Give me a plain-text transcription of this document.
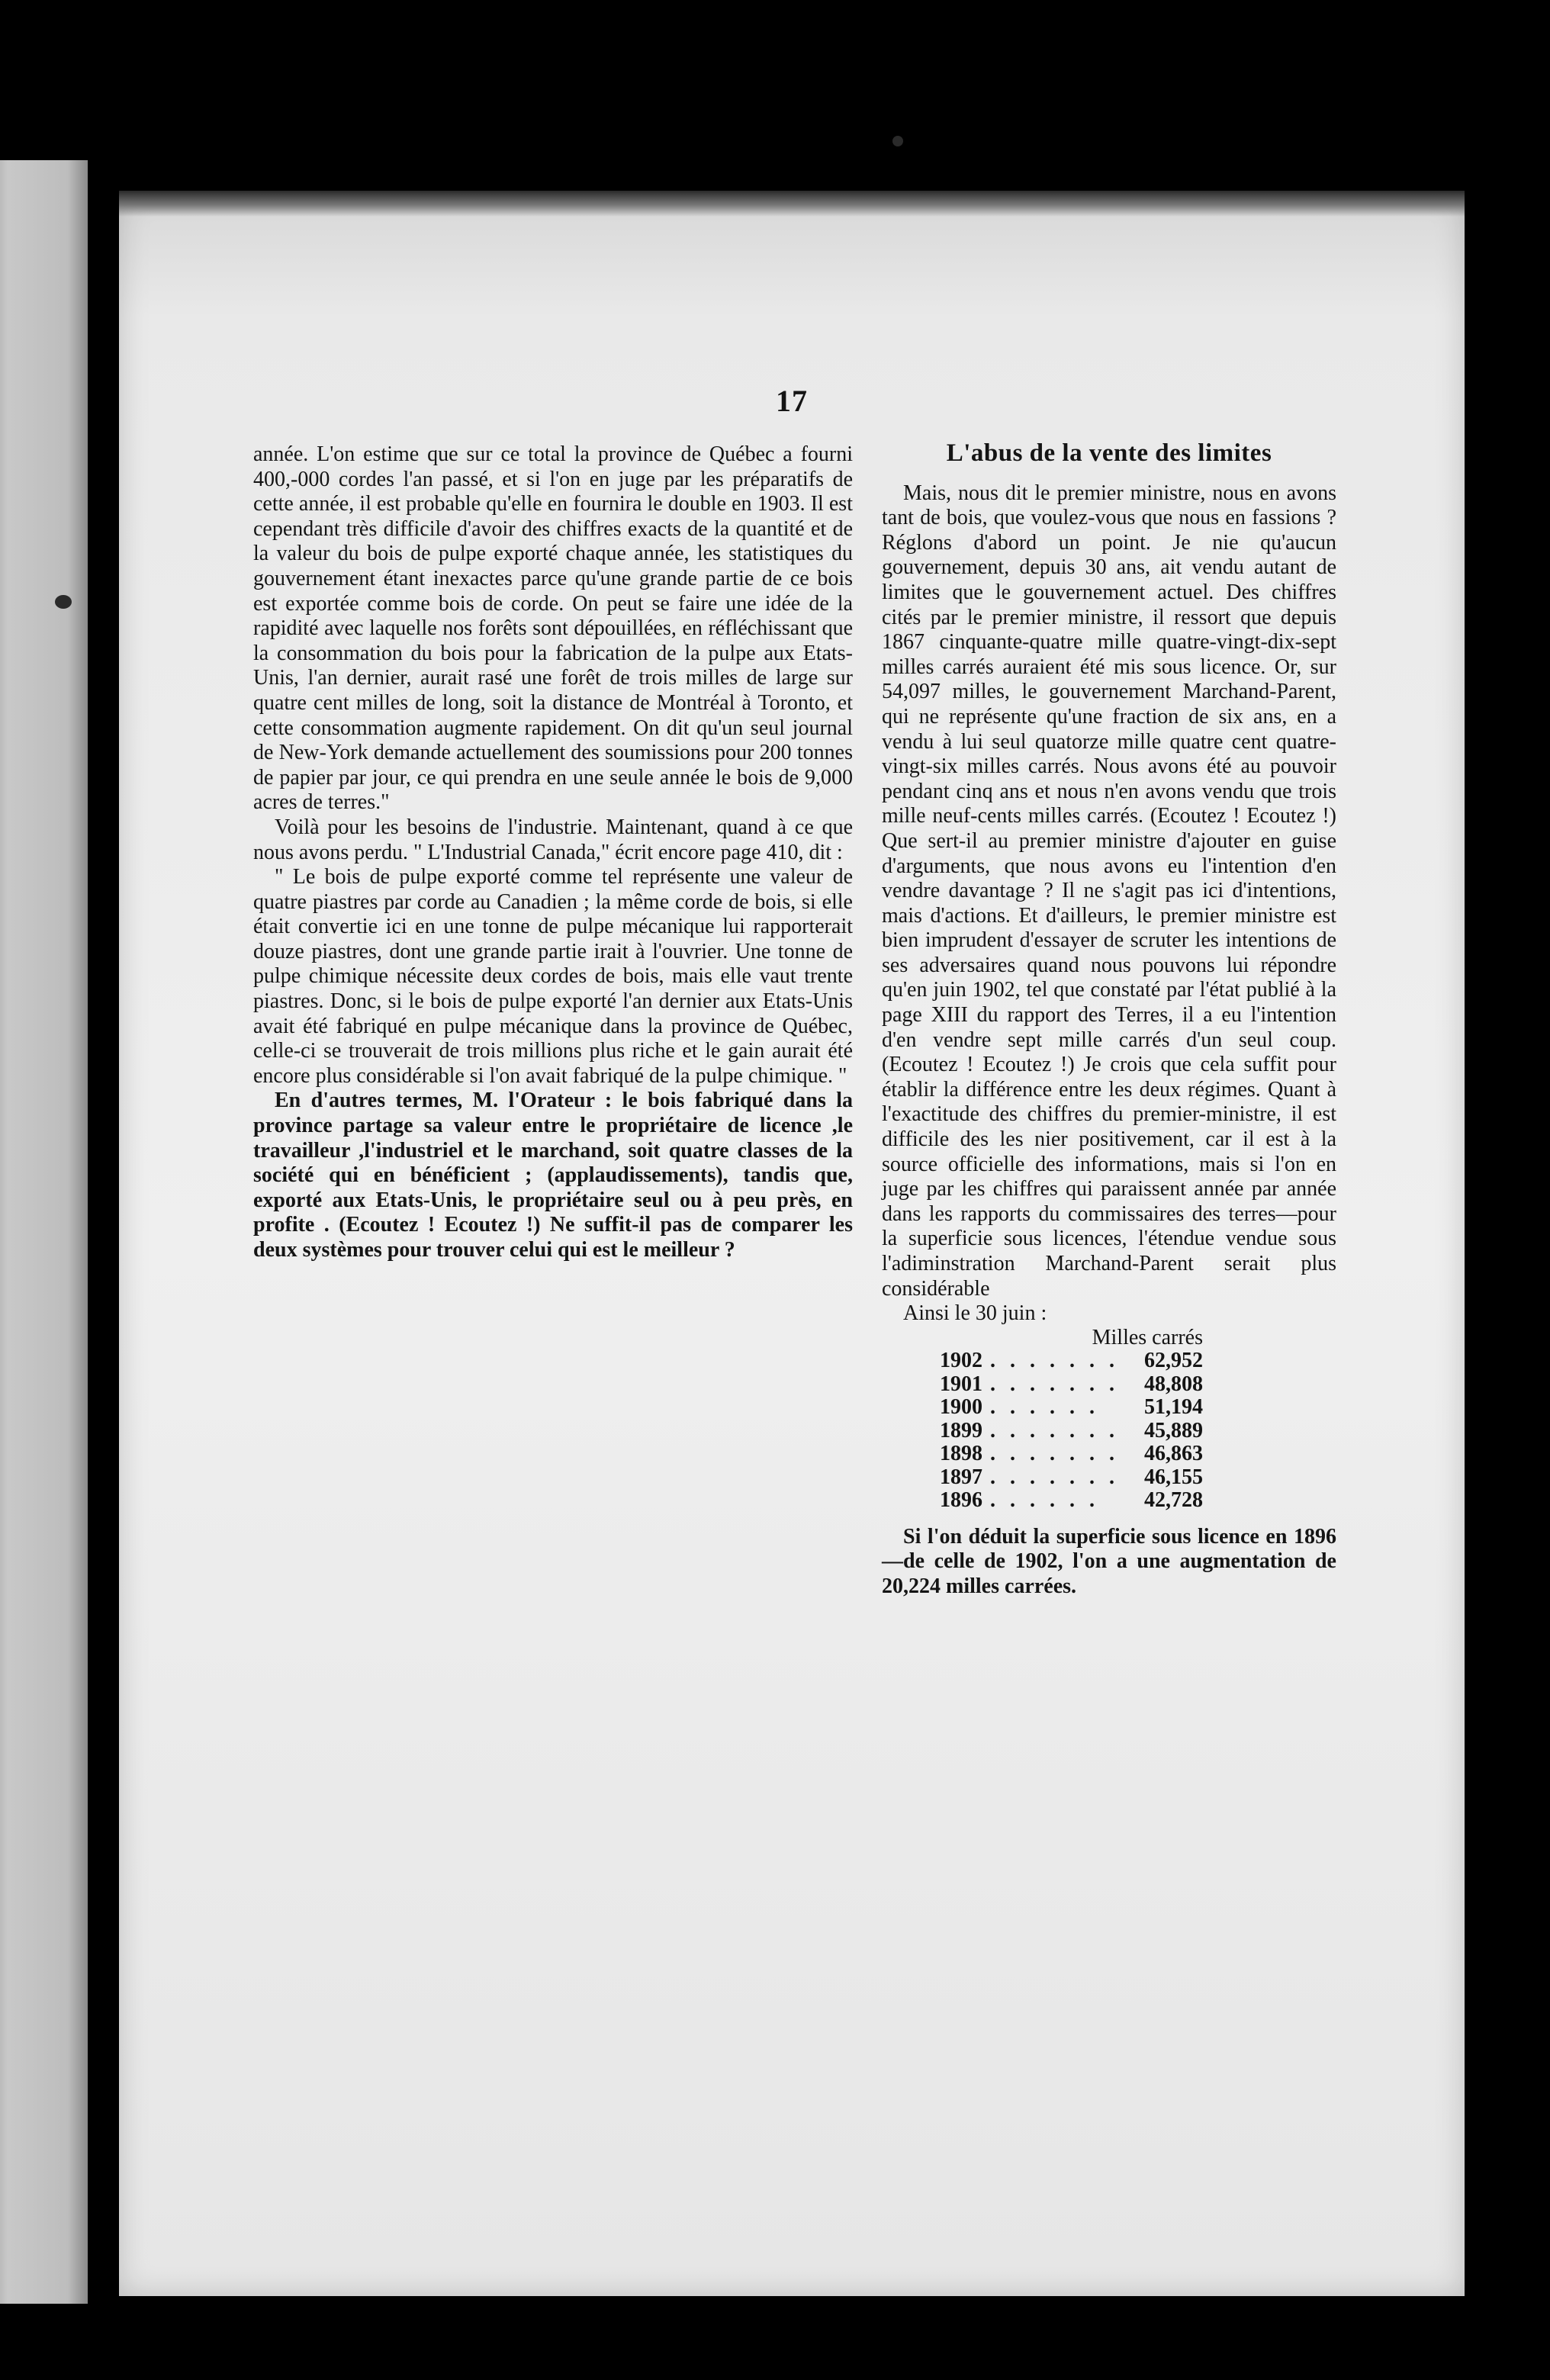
17

année. L'on estime que sur ce total la province de Québec a fourni 400,-000 cordes l'an passé, et si l'on en juge par les préparatifs de cette année, il est probable qu'elle en fournira le double en 1903. Il est cependant très difficile d'avoir des chiffres exacts de la quantité et de la valeur du bois de pulpe exporté chaque année, les statistiques du gouvernement étant inexactes parce qu'une grande partie de ce bois est exportée comme bois de corde. On peut se faire une idée de la rapidité avec laquelle nos forêts sont dépouillées, en réfléchissant que la consommation du bois pour la fabrication de la pulpe aux Etats-Unis, l'an dernier, aurait rasé une forêt de trois milles de large sur quatre cent milles de long, soit la distance de Montréal à Toronto, et cette consommation augmente rapidement. On dit qu'un seul journal de New-York demande actuellement des soumissions pour 200 tonnes de papier par jour, ce qui prendra en une seule année le bois de 9,000 acres de terres."

Voilà pour les besoins de l'industrie. Maintenant, quand à ce que nous avons perdu. " L'Industrial Canada," écrit encore page 410, dit :

" Le bois de pulpe exporté comme tel représente une valeur de quatre piastres par corde au Canadien ; la même corde de bois, si elle était convertie ici en une tonne de pulpe mécanique lui rapporterait douze piastres, dont une grande partie irait à l'ouvrier. Une tonne de pulpe chimique nécessite deux cordes de bois, mais elle vaut trente piastres. Donc, si le bois de pulpe exporté l'an dernier aux Etats-Unis avait été fabriqué en pulpe mécanique dans la province de Québec, celle-ci se trouverait de trois millions plus riche et le gain aurait été encore plus considérable si l'on avait fabriqué de la pulpe chimique. "

En d'autres termes, M. l'Orateur : le bois fabriqué dans la province partage sa valeur entre le propriétaire de licence ,le travailleur ,l'industriel et le marchand, soit quatre classes de la société qui en bénéficient ; (applaudissements), tandis que, exporté aux Etats-Unis, le propriétaire seul ou à peu près, en profite . (Ecoutez ! Ecoutez !) Ne suffit-il pas de comparer les deux systèmes pour trouver celui qui est le meilleur ?

L'abus de la vente des limites

Mais, nous dit le premier ministre, nous en avons tant de bois, que voulez-vous que nous en fassions ? Réglons d'abord un point. Je nie qu'aucun gouvernement, depuis 30 ans, ait vendu autant de limites que le gouvernement actuel. Des chiffres cités par le premier ministre, il ressort que depuis 1867 cinquante-quatre mille quatre-vingt-dix-sept milles carrés auraient été mis sous licence. Or, sur 54,097 milles, le gouvernement Marchand-Parent, qui ne représente qu'une fraction de six ans, en a vendu à lui seul quatorze mille quatre cent quatre-vingt-six milles carrés. Nous avons été au pouvoir pendant cinq ans et nous n'en avons vendu que trois mille neuf-cents milles carrés. (Ecoutez ! Ecoutez !) Que sert-il au premier ministre d'ajouter en guise d'arguments, que nous avons eu l'intention d'en vendre davantage ? Il ne s'agit pas ici d'intentions, mais d'actions. Et d'ailleurs, le premier ministre est bien imprudent d'essayer de scruter les intentions de ses adversaires quand nous pouvons lui répondre qu'en juin 1902, tel que constaté par l'état publié à la page XIII du rapport des Terres, il a eu l'intention d'en vendre sept mille carrés d'un seul coup. (Ecoutez ! Ecoutez !) Je crois que cela suffit pour établir la différence entre les deux régimes. Quant à l'exactitude des chiffres du premier-ministre, il est difficile des les nier positivement, car il est à la source officielle des informations, mais si l'on en juge par les chiffres qui paraissent année par année dans les rapports du commissaires des terres—pour la superficie sous licences, l'étendue vendue sous l'adiminstration Marchand-Parent serait plus considérable

Ainsi le 30 juin :

Milles carrés		
1902	. . . . . . .	62,952
1901	. . . . . . .	48,808
1900	. . . . . .	51,194
1899	. . . . . . .	45,889
1898	. . . . . . .	46,863
1897	. . . . . . .	46,155
1896	. . . . . .	42,728

Si l'on déduit la superficie sous licence en 1896—de celle de 1902, l'on a une augmentation de 20,224 milles carrées.
